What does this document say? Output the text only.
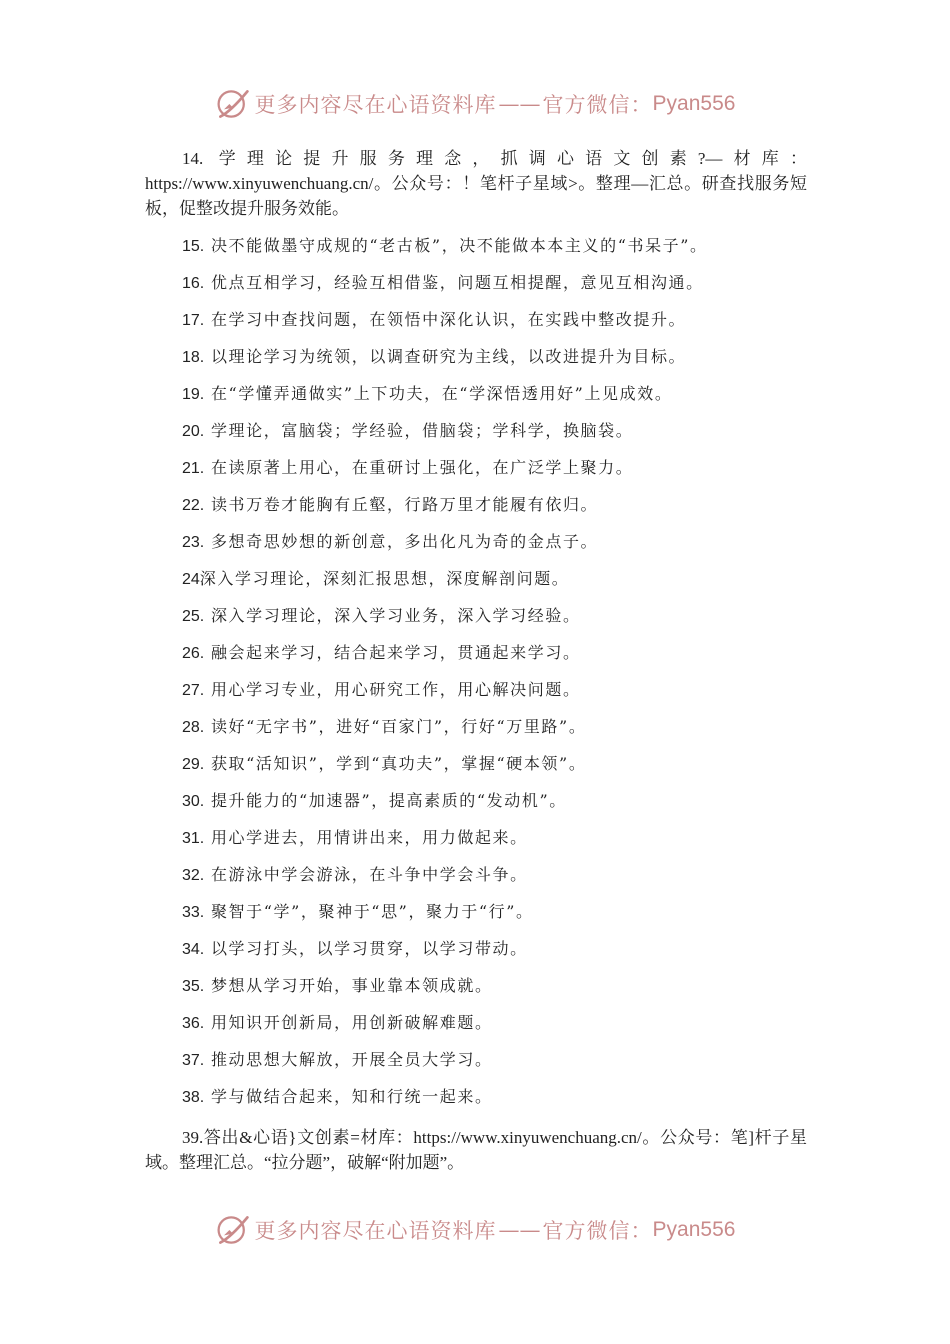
更多内容尽在心语资料库 —— 官方微信： Pyan556

14. 学理论提升服务理念，抓调心语文创素?—材库：https://www.xinyuwenchuang.cn/。公众号：！笔杆子星域>。整理—汇总。研查找服务短板，促整改提升服务效能。

15. 决不能做墨守成规的“老古板”，决不能做本本主义的“书呆子”。
16. 优点互相学习，经验互相借鉴，问题互相提醒，意见互相沟通。
17. 在学习中查找问题，在领悟中深化认识，在实践中整改提升。
18. 以理论学习为统领，以调查研究为主线，以改进提升为目标。
19. 在“学懂弄通做实”上下功夫，在“学深悟透用好”上见成效。
20. 学理论，富脑袋；学经验，借脑袋；学科学，换脑袋。
21. 在读原著上用心，在重研讨上强化，在广泛学上聚力。
22. 读书万卷才能胸有丘壑，行路万里才能履有依归。
23. 多想奇思妙想的新创意，多出化凡为奇的金点子。
24深入学习理论，深刻汇报思想，深度解剖问题。
25. 深入学习理论，深入学习业务，深入学习经验。
26. 融会起来学习，结合起来学习，贯通起来学习。
27. 用心学习专业，用心研究工作，用心解决问题。
28. 读好“无字书”，进好“百家门”，行好“万里路”。
29. 获取“活知识”，学到“真功夫”，掌握“硬本领”。
30. 提升能力的“加速器”，提高素质的“发动机”。
31. 用心学进去，用情讲出来，用力做起来。
32. 在游泳中学会游泳，在斗争中学会斗争。
33. 聚智于“学”，聚神于“思”，聚力于“行”。
34. 以学习打头，以学习贯穿，以学习带动。
35. 梦想从学习开始，事业靠本领成就。
36. 用知识开创新局，用创新破解难题。
37. 推动思想大解放，开展全员大学习。
38. 学与做结合起来，知和行统一起来。

39.答出&心语}文创素=材库：https://www.xinyuwenchuang.cn/。公众号：笔]杆子星域。整理汇总。“拉分题”，破解“附加题”。

更多内容尽在心语资料库 —— 官方微信： Pyan556
